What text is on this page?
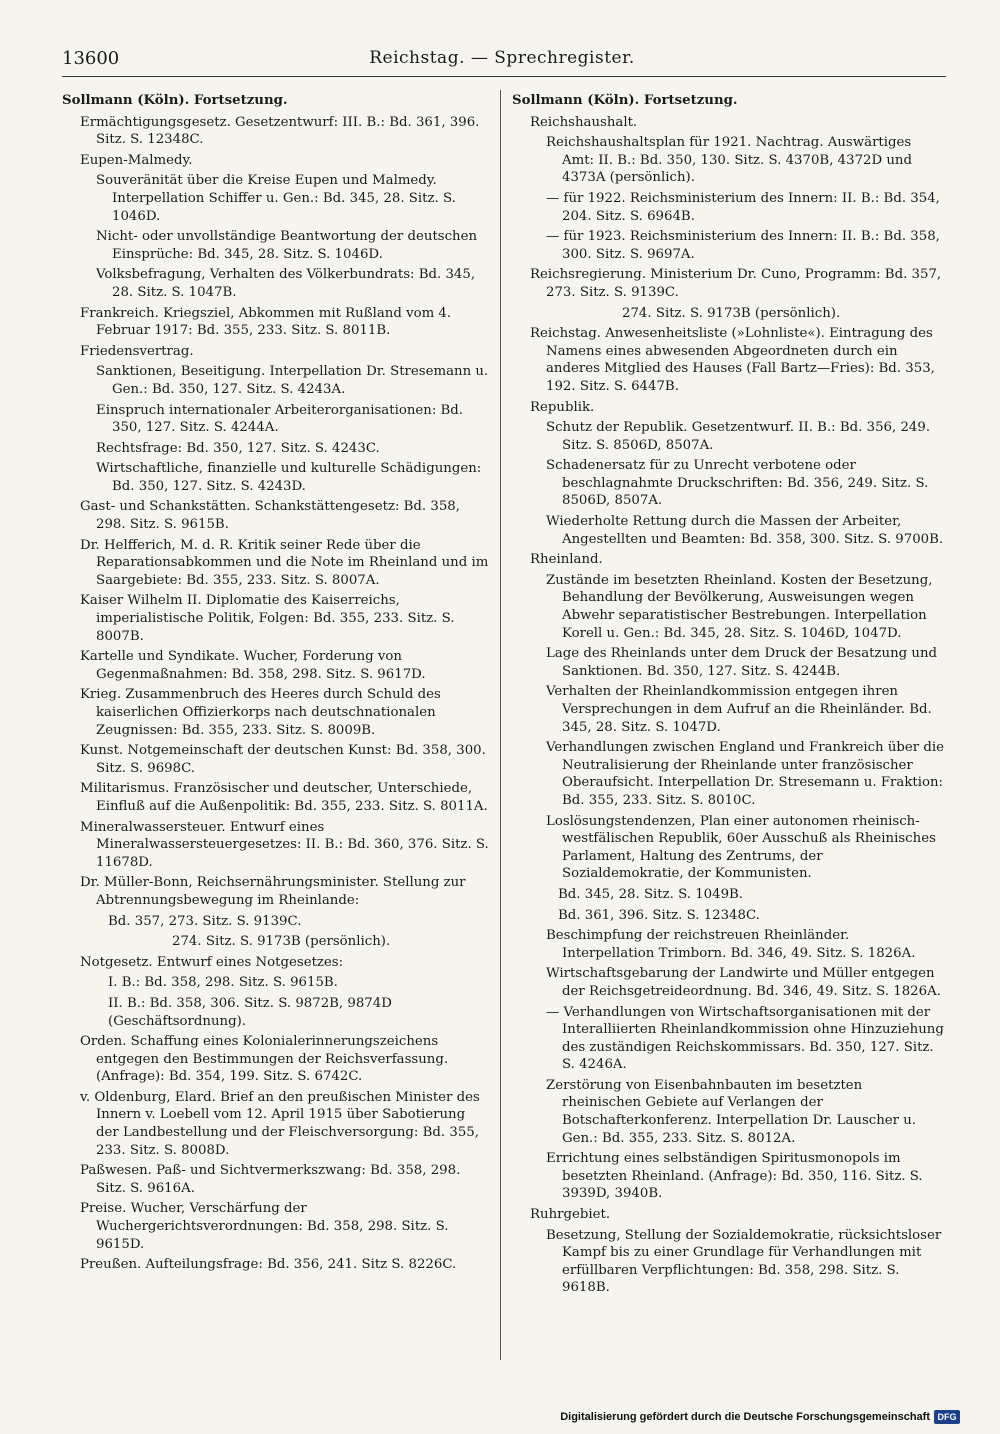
13600	Reichstag. — Sprechregister.
Sollmann (Köln). Fortsetzung.
Ermächtigungsgesetz. Gesetzentwurf: III. B.: Bd. 361, 396. Sitz. S. 12348C.
Eupen-Malmedy.
Souveränität über die Kreise Eupen und Malmedy. Interpellation Schiffer u. Gen.: Bd. 345, 28. Sitz. S. 1046D.
Nicht- oder unvollständige Beantwortung der deutschen Einsprüche: Bd. 345, 28. Sitz. S. 1046D.
Volksbefragung, Verhalten des Völkerbundrats: Bd. 345, 28. Sitz. S. 1047B.
Frankreich. Kriegsziel, Abkommen mit Rußland vom 4. Februar 1917: Bd. 355, 233. Sitz. S. 8011B.
Friedensvertrag.
Sanktionen, Beseitigung. Interpellation Dr. Stresemann u. Gen.: Bd. 350, 127. Sitz. S. 4243A.
Einspruch internationaler Arbeiterorganisationen: Bd. 350, 127. Sitz. S. 4244A.
Rechtsfrage: Bd. 350, 127. Sitz. S. 4243C.
Wirtschaftliche, finanzielle und kulturelle Schädigungen: Bd. 350, 127. Sitz. S. 4243D.
Gast- und Schankstätten. Schankstättengesetz: Bd. 358, 298. Sitz. S. 9615B.
Dr. Helfferich, M. d. R. Kritik seiner Rede über die Reparationsabkommen und die Note im Rheinland und im Saargebiete: Bd. 355, 233. Sitz. S. 8007A.
Kaiser Wilhelm II. Diplomatie des Kaiserreichs, imperialistische Politik, Folgen: Bd. 355, 233. Sitz. S. 8007B.
Kartelle und Syndikate. Wucher, Forderung von Gegenmaßnahmen: Bd. 358, 298. Sitz. S. 9617D.
Krieg. Zusammenbruch des Heeres durch Schuld des kaiserlichen Offizierkorps nach deutschnationalen Zeugnissen: Bd. 355, 233. Sitz. S. 8009B.
Kunst. Notgemeinschaft der deutschen Kunst: Bd. 358, 300. Sitz. S. 9698C.
Militarismus. Französischer und deutscher, Unterschiede, Einfluß auf die Außenpolitik: Bd. 355, 233. Sitz. S. 8011A.
Mineralwassersteuer. Entwurf eines Mineralwassersteuergesetzes: II. B.: Bd. 360, 376. Sitz. S. 11678D.
Dr. Müller-Bonn, Reichsernährungsminister. Stellung zur Abtrennungsbewegung im Rheinlande:
Bd. 357, 273. Sitz. S. 9139C.
274. Sitz. S. 9173B (persönlich).
Notgesetz. Entwurf eines Notgesetzes:
I. B.: Bd. 358, 298. Sitz. S. 9615B.
II. B.: Bd. 358, 306. Sitz. S. 9872B, 9874D (Geschäftsordnung).
Orden. Schaffung eines Kolonialerinnerungszeichens entgegen den Bestimmungen der Reichsverfassung. (Anfrage): Bd. 354, 199. Sitz. S. 6742C.
v. Oldenburg, Elard. Brief an den preußischen Minister des Innern v. Loebell vom 12. April 1915 über Sabotierung der Landbestellung und der Fleischversorgung: Bd. 355, 233. Sitz. S. 8008D.
Paßwesen. Paß- und Sichtvermerkszwang: Bd. 358, 298. Sitz. S. 9616A.
Preise. Wucher, Verschärfung der Wuchergerichtsverordnungen: Bd. 358, 298. Sitz. S. 9615D.
Preußen. Aufteilungsfrage: Bd. 356, 241. Sitz S. 8226C.
Sollmann (Köln). Fortsetzung.
Reichshaushalt.
Reichshaushaltsplan für 1921. Nachtrag. Auswärtiges Amt: II. B.: Bd. 350, 130. Sitz. S. 4370B, 4372D und 4373A (persönlich).
— für 1922. Reichsministerium des Innern: II. B.: Bd. 354, 204. Sitz. S. 6964B.
— für 1923. Reichsministerium des Innern: II. B.: Bd. 358, 300. Sitz. S. 9697A.
Reichsregierung. Ministerium Dr. Cuno, Programm: Bd. 357, 273. Sitz. S. 9139C.
274. Sitz. S. 9173B (persönlich).
Reichstag. Anwesenheitsliste (»Lohnliste«). Eintragung des Namens eines abwesenden Abgeordneten durch ein anderes Mitglied des Hauses (Fall Bartz—Fries): Bd. 353, 192. Sitz. S. 6447B.
Republik.
Schutz der Republik. Gesetzentwurf. II. B.: Bd. 356, 249. Sitz. S. 8506D, 8507A.
Schadenersatz für zu Unrecht verbotene oder beschlagnahmte Druckschriften: Bd. 356, 249. Sitz. S. 8506D, 8507A.
Wiederholte Rettung durch die Massen der Arbeiter, Angestellten und Beamten: Bd. 358, 300. Sitz. S. 9700B.
Rheinland.
Zustände im besetzten Rheinland. Kosten der Besetzung, Behandlung der Bevölkerung, Ausweisungen wegen Abwehr separatistischer Bestrebungen. Interpellation Korell u. Gen.: Bd. 345, 28. Sitz. S. 1046D, 1047D.
Lage des Rheinlands unter dem Druck der Besatzung und Sanktionen. Bd. 350, 127. Sitz. S. 4244B.
Verhalten der Rheinlandkommission entgegen ihren Versprechungen in dem Aufruf an die Rheinländer. Bd. 345, 28. Sitz. S. 1047D.
Verhandlungen zwischen England und Frankreich über die Neutralisierung der Rheinlande unter französischer Oberaufsicht. Interpellation Dr. Stresemann u. Fraktion: Bd. 355, 233. Sitz. S. 8010C.
Loslösungstendenzen, Plan einer autonomen rheinisch-westfälischen Republik, 60er Ausschuß als Rheinisches Parlament, Haltung des Zentrums, der Sozialdemokratie, der Kommunisten.
Bd. 345, 28. Sitz. S. 1049B.
Bd. 361, 396. Sitz. S. 12348C.
Beschimpfung der reichstreuen Rheinländer. Interpellation Trimborn. Bd. 346, 49. Sitz. S. 1826A.
Wirtschaftsgebarung der Landwirte und Müller entgegen der Reichsgetreideordnung. Bd. 346, 49. Sitz. S. 1826A.
— Verhandlungen von Wirtschaftsorganisationen mit der Interalliierten Rheinlandkommission ohne Hinzuziehung des zuständigen Reichskommissars. Bd. 350, 127. Sitz. S. 4246A.
Zerstörung von Eisenbahnbauten im besetzten rheinischen Gebiete auf Verlangen der Botschafterkonferenz. Interpellation Dr. Lauscher u. Gen.: Bd. 355, 233. Sitz. S. 8012A.
Errichtung eines selbständigen Spiritusmonopols im besetzten Rheinland. (Anfrage): Bd. 350, 116. Sitz. S. 3939D, 3940B.
Ruhrgebiet.
Besetzung, Stellung der Sozialdemokratie, rücksichtsloser Kampf bis zu einer Grundlage für Verhandlungen mit erfüllbaren Verpflichtungen: Bd. 358, 298. Sitz. S. 9618B.
Digitalisierung gefördert durch die Deutsche Forschungsgemeinschaft DFG
